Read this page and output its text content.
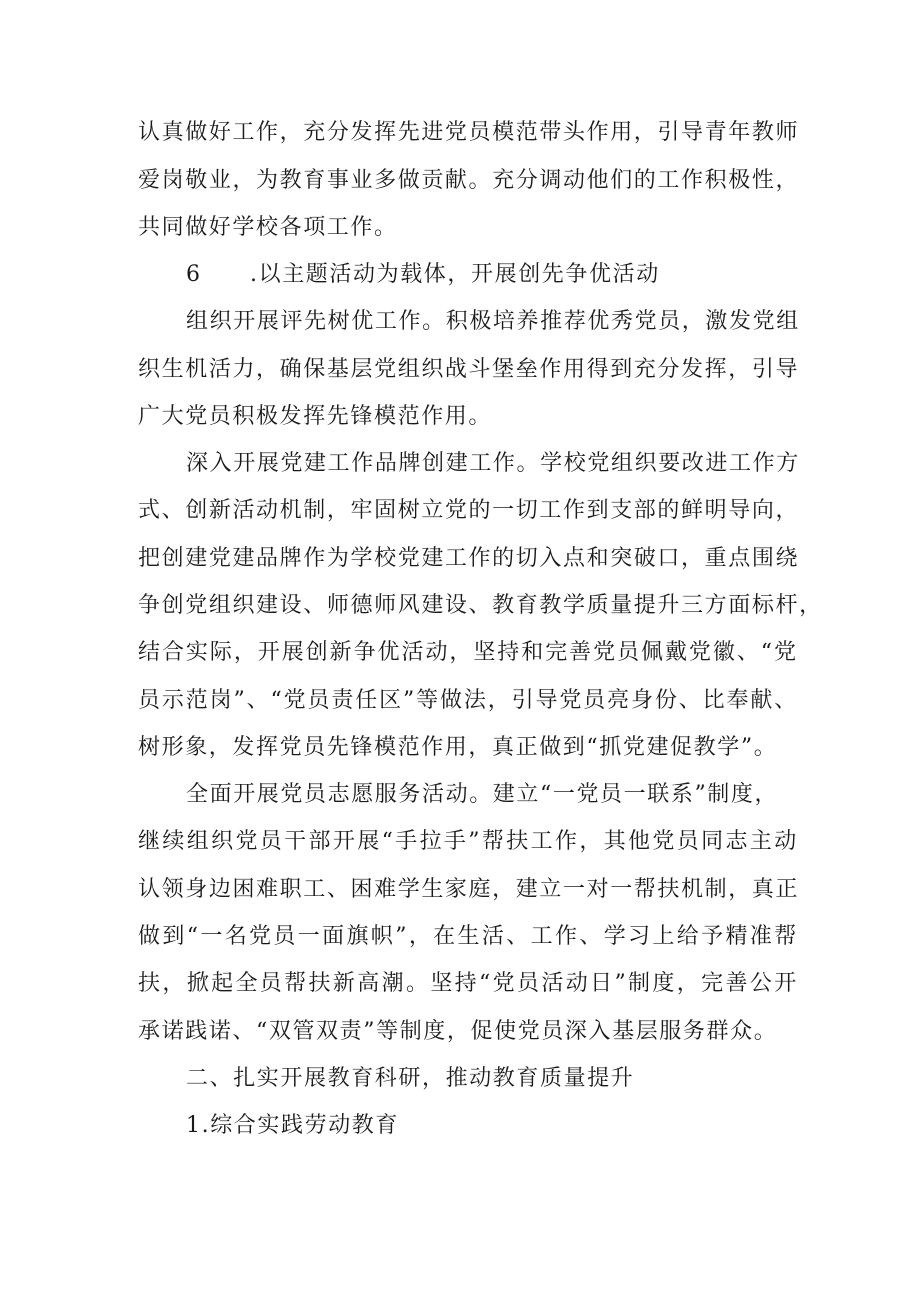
认 真 做 好 工 作 ， 充 分 发 挥 先 进 党 员 模 范 带 头 作 用 ， 引 导 青 年 教 师
爱 岗 敬 业 ， 为 教 育 事 业 多 做 贡 献 。 充 分 调 动 他 们 的 工 作 积 极 性 ，
共同做好学校各项工作。
6 .以主题活动为载体，开展创先争优活动
组 织 开 展 评 先 树 优 工 作 。 积 极 培 养 推 荐 优 秀 党 员 ， 激 发 党 组
织 生 机 活 力 ， 确 保 基 层 党 组 织 战 斗 堡 垒 作 用 得 到 充 分 发 挥 ， 引 导
广大党员积极发挥先锋模范作用。
深 入 开 展 党 建 工 作 品 牌 创 建 工 作 。 学 校 党 组 织 要 改 进 工 作 方
式 、 创 新 活 动 机 制 ， 牢 固 树 立 党 的 一 切 工 作 到 支 部 的 鲜 明 导 向 ，
把 创 建 党 建 品 牌 作 为 学 校 党 建 工 作 的 切 入 点 和 突 破 口 ， 重 点 围 绕
争 创 党 组 织 建 设 、 师 德 师 风 建 设 、 教 育 教 学 质 量 提 升 三 方 面 标 杆 ，
结 合 实 际 ， 开 展 创 新 争 优 活 动 ， 坚 持 和 完 善 党 员 佩 戴 党 徽 、 “ 党
员 示 范 岗 ” 、 “ 党 员 责 任 区 ” 等 做 法 ， 引 导 党 员 亮 身 份 、 比 奉 献 、
树形象，发挥党员先锋模范作用，真正做到“抓党建促教学”。
全面开展党员志愿服务活动。建立“一党员一联系”制度，
继 续 组 织 党 员 干 部 开 展 “ 手 拉 手 ” 帮 扶 工 作 ， 其 他 党 员 同 志 主 动
认 领 身 边 困 难 职 工 、 困 难 学 生 家 庭 ， 建 立 一 对 一 帮 扶 机 制 ， 真 正
做 到 “ 一 名 党 员 一 面 旗 帜 ” ， 在 生 活 、 工 作 、 学 习 上 给 予 精 准 帮
扶 ， 掀 起 全 员 帮 扶 新 高 潮 。 坚 持 “ 党 员 活 动 日 ” 制 度 ， 完 善 公 开
承诺践诺、“双管双责”等制度，促使党员深入基层服务群众。
二、扎实开展教育科研，推动教育质量提升
1.综合实践劳动教育
